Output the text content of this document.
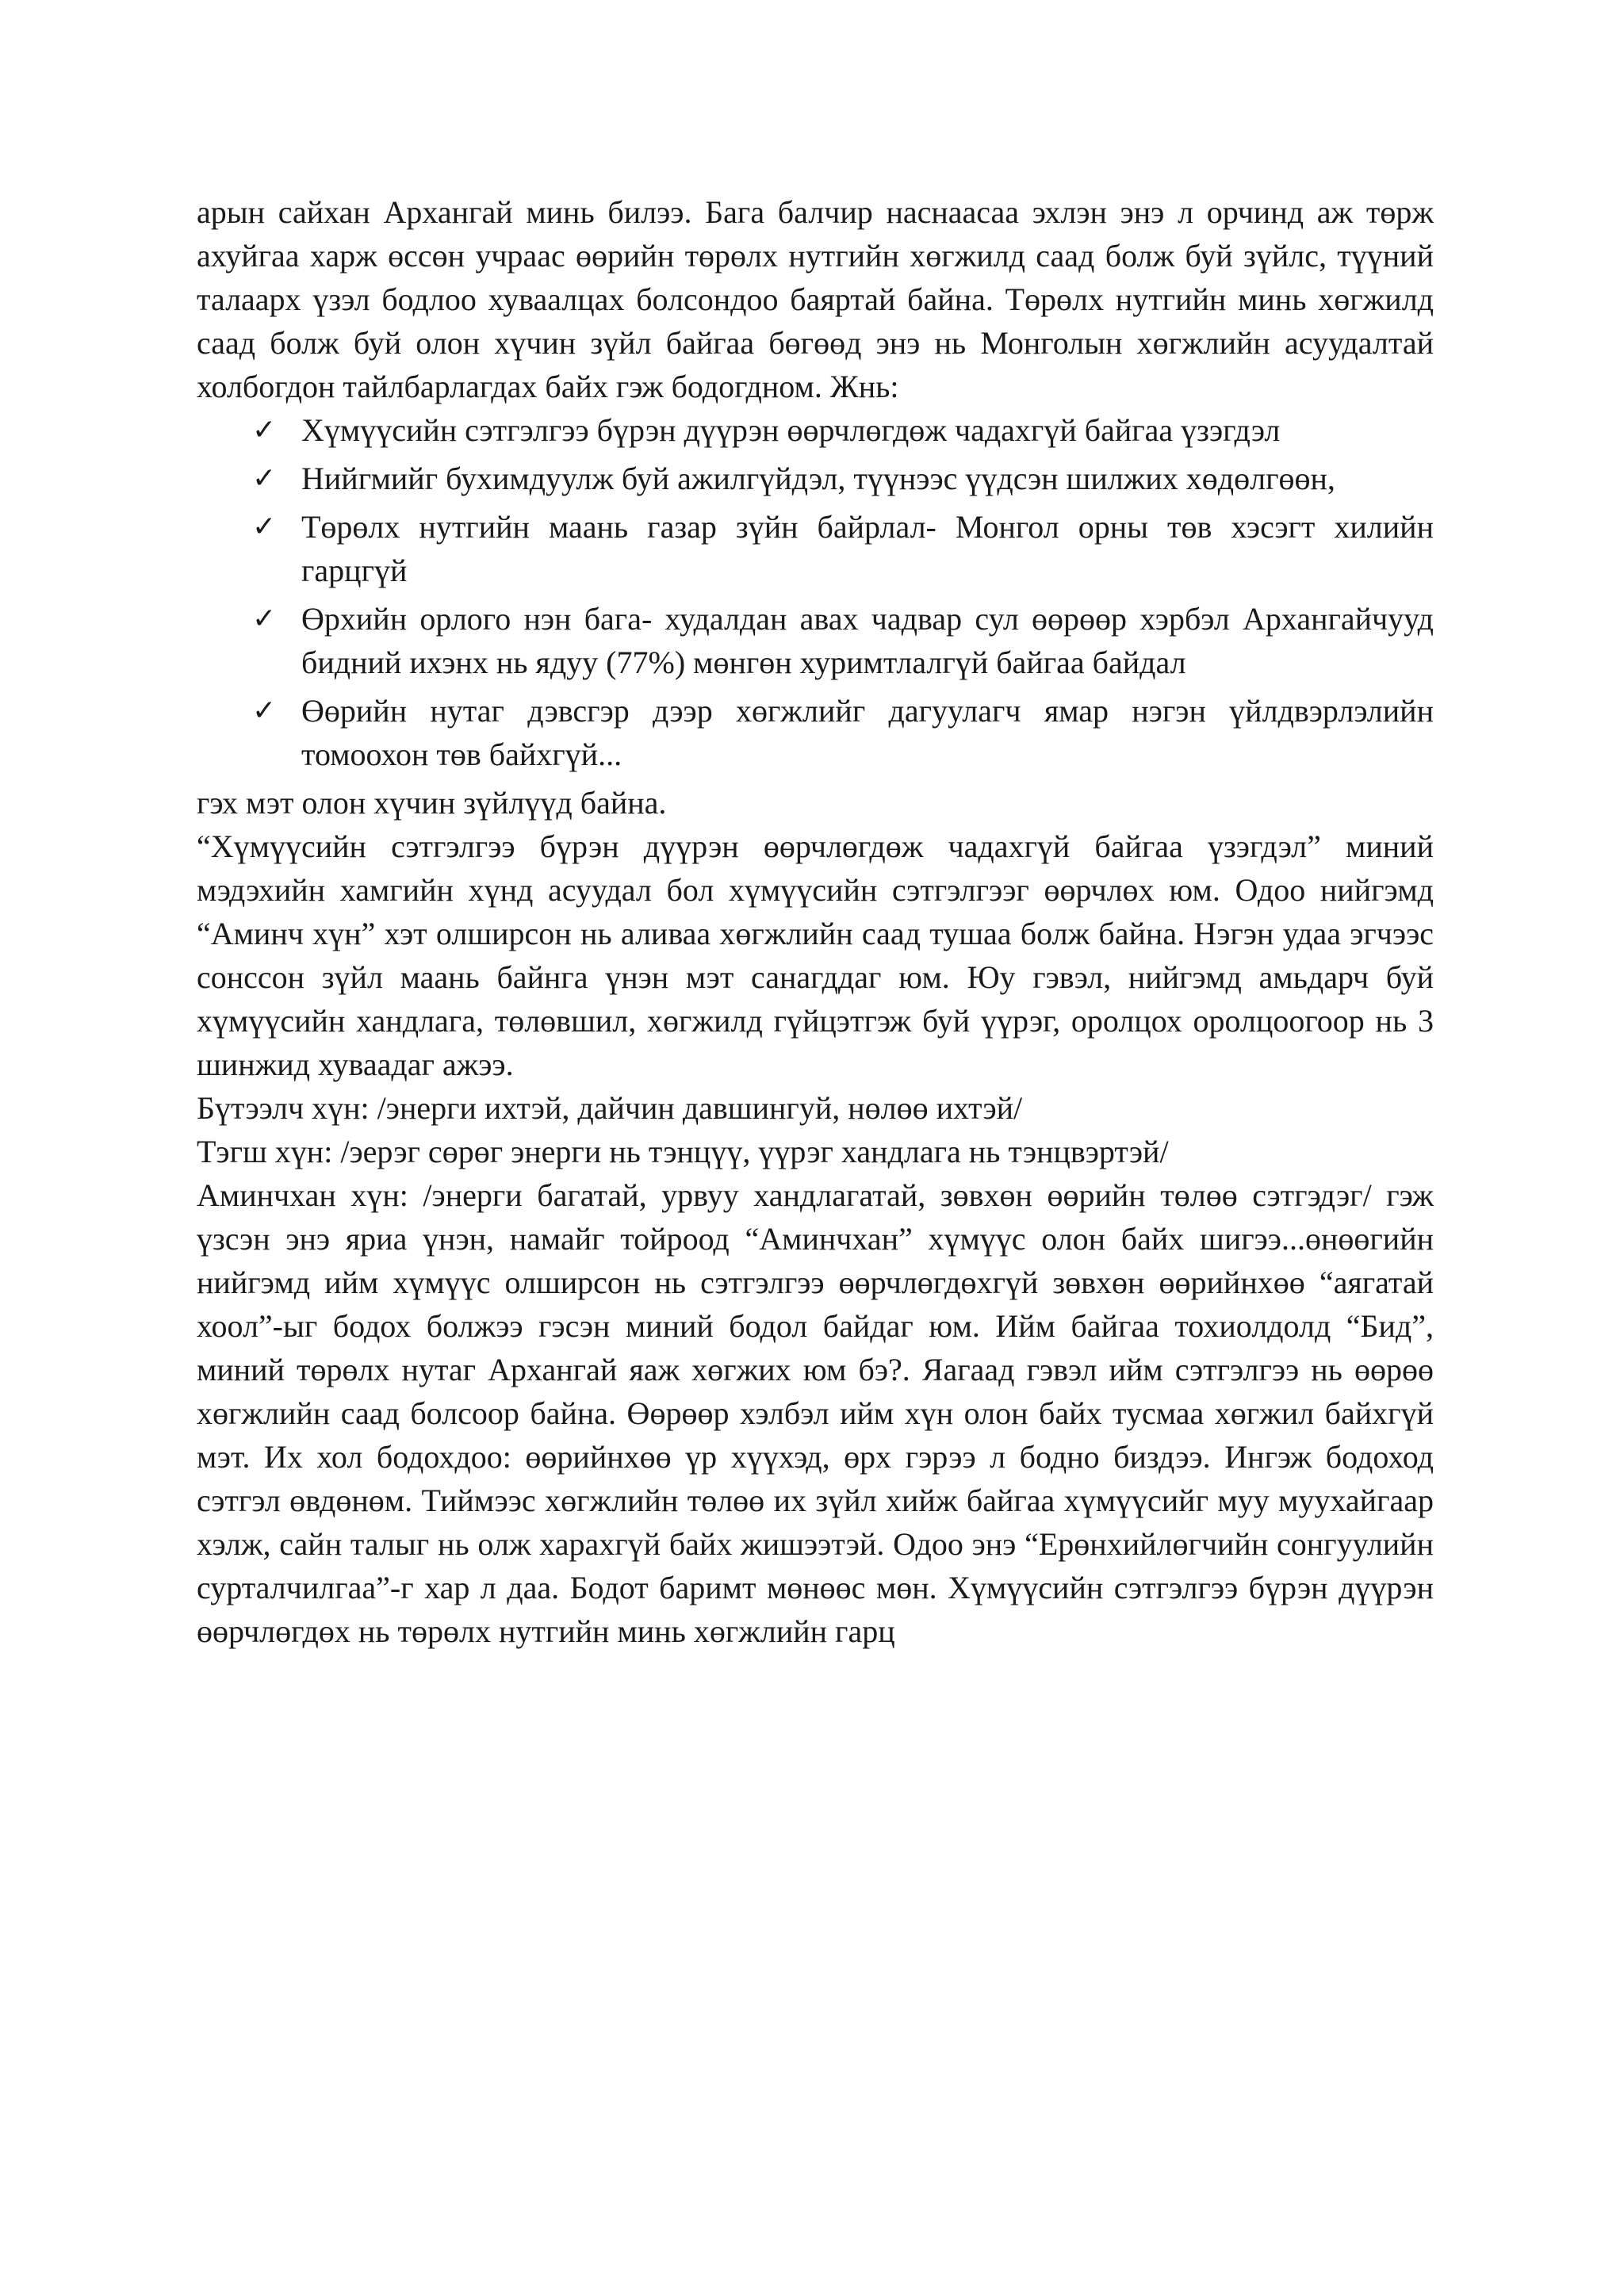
арын сайхан Архангай минь билээ. Бага балчир наснаасаа эхлэн энэ л орчинд аж төрж ахуйгаа харж өссөн учраас өөрийн төрөлх нутгийн хөгжилд саад болж буй зүйлс, түүний талаарх үзэл бодлоо хуваалцах болсондоо баяртай байна. Төрөлх нутгийн минь хөгжилд саад болж буй олон хүчин зүйл байгаа бөгөөд энэ нь Монголын хөгжлийн асуудалтай холбогдон тайлбарлагдах байх гэж бодогдном. Жнь:

✓ Хүмүүсийн сэтгэлгээ бүрэн дүүрэн өөрчлөгдөж чадахгүй байгаа үзэгдэл
✓ Нийгмийг бухимдуулж буй ажилгүйдэл, түүнээс үүдсэн шилжих хөдөлгөөн,
✓ Төрөлх нутгийн маань газар зүйн байрлал- Монгол орны төв хэсэгт хилийн гарцгүй
✓ Өрхийн орлого нэн бага- худалдан авах чадвар сул өөрөөр хэрбэл Архангайчууд бидний ихэнх нь ядуу (77%) мөнгөн хуримтлалгүй байгаа байдал
✓ Өөрийн нутаг дэвсгэр дээр хөгжлийг дагуулагч ямар нэгэн үйлдвэрлэлийн томоохон төв байхгүй...

гэх мэт олон хүчин зүйлүүд байна.

“Хүмүүсийн сэтгэлгээ бүрэн дүүрэн өөрчлөгдөж чадахгүй байгаа үзэгдэл” миний мэдэхийн хамгийн хүнд асуудал бол хүмүүсийн сэтгэлгээг өөрчлөх юм. Одоо нийгэмд “Аминч хүн” хэт олширсон нь аливаа хөгжлийн саад тушаа болж байна. Нэгэн удаа эгчээс сонссон зүйл маань байнга үнэн мэт санагддаг юм. Юу гэвэл, нийгэмд амьдарч буй хүмүүсийн хандлага, төлөвшил, хөгжилд гүйцэтгэж буй үүрэг, оролцох оролцоогоор нь 3 шинжид хуваадаг ажээ.

Бүтээлч хүн: /энерги ихтэй, дайчин давшингуй, нөлөө ихтэй/

Тэгш хүн: /эерэг сөрөг энерги нь тэнцүү, үүрэг хандлага нь тэнцвэртэй/

Аминчхан хүн: /энерги багатай, урвуу хандлагатай, зөвхөн өөрийн төлөө сэтгэдэг/ гэж үзсэн энэ яриа үнэн, намайг тойроод “Аминчхан” хүмүүс олон байх шигээ...өнөөгийн нийгэмд ийм хүмүүс олширсон нь сэтгэлгээ өөрчлөгдөхгүй зөвхөн өөрийнхөө “аягатай хоол”-ыг бодох болжээ гэсэн миний бодол байдаг юм. Ийм байгаа тохиолдолд “Бид”, миний төрөлх нутаг Архангай яаж хөгжих юм бэ?. Яагаад гэвэл ийм сэтгэлгээ нь өөрөө хөгжлийн саад болсоор байна. Өөрөөр хэлбэл ийм хүн олон байх тусмаа хөгжил байхгүй мэт. Их хол бодохдоо: өөрийнхөө үр хүүхэд, өрх гэрээ л бодно биздээ. Ингэж бодоход сэтгэл өвдөнөм. Тиймээс хөгжлийн төлөө их зүйл хийж байгаа хүмүүсийг муу муухайгаар хэлж, сайн талыг нь олж харахгүй байх жишээтэй. Одоо энэ “Ерөнхийлөгчийн сонгуулийн сурталчилгаа”-г хар л даа. Бодот баримт мөнөөс мөн. Хүмүүсийн сэтгэлгээ бүрэн дүүрэн өөрчлөгдөх нь төрөлх нутгийн минь хөгжлийн гарц
